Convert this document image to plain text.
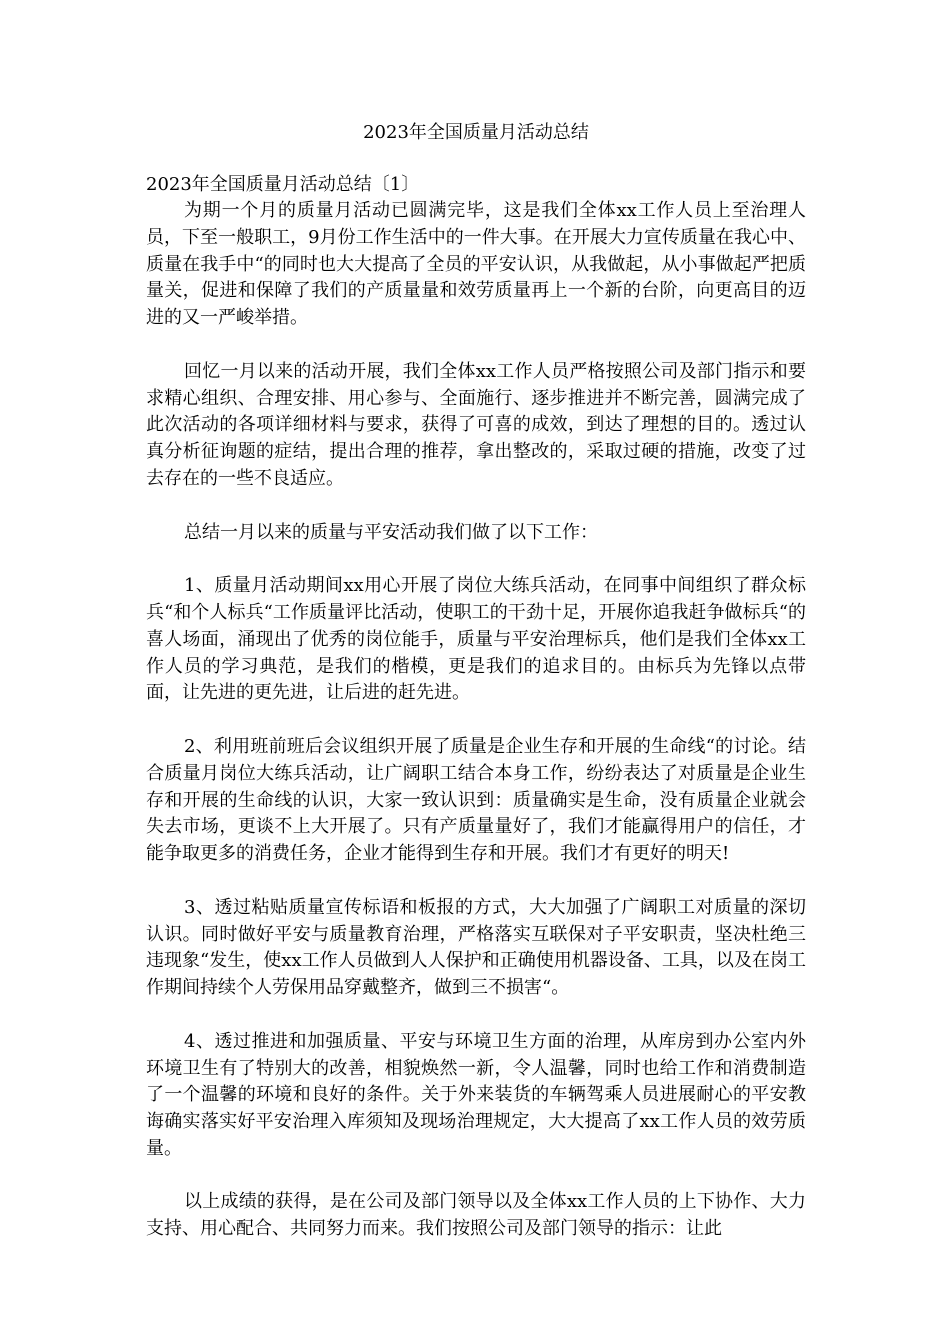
2023年全国质量月活动总结
2023年全国质量月活动总结〔1〕

为期一个月的质量月活动已圆满完毕，这是我们全体xx工作人员上至治理人员，下至一般职工，9月份工作生活中的一件大事。在开展大力宣传质量在我心中、质量在我手中“的同时也大大提高了全员的平安认识，从我做起，从小事做起严把质量关，促进和保障了我们的产质量量和效劳质量再上一个新的台阶，向更高目的迈进的又一严峻举措。

回忆一月以来的活动开展，我们全体xx工作人员严格按照公司及部门指示和要求精心组织、合理安排、用心参与、全面施行、逐步推进并不断完善，圆满完成了此次活动的各项详细材料与要求，获得了可喜的成效，到达了理想的目的。透过认真分析征询题的症结，提出合理的推荐，拿出整改的，采取过硬的措施，改变了过去存在的一些不良适应。

总结一月以来的质量与平安活动我们做了以下工作：

1、质量月活动期间xx用心开展了岗位大练兵活动，在同事中间组织了群众标兵“和个人标兵“工作质量评比活动，使职工的干劲十足，开展你追我赶争做标兵“的喜人场面，涌现出了优秀的岗位能手，质量与平安治理标兵，他们是我们全体xx工作人员的学习典范，是我们的楷模，更是我们的追求目的。由标兵为先锋以点带面，让先进的更先进，让后进的赶先进。

2、利用班前班后会议组织开展了质量是企业生存和开展的生命线“的讨论。结合质量月岗位大练兵活动，让广阔职工结合本身工作，纷纷表达了对质量是企业生存和开展的生命线的认识，大家一致认识到：质量确实是生命，没有质量企业就会失去市场，更谈不上大开展了。只有产质量量好了，我们才能赢得用户的信任，才能争取更多的消费任务，企业才能得到生存和开展。我们才有更好的明天!

3、透过粘贴质量宣传标语和板报的方式，大大加强了广阔职工对质量的深切认识。同时做好平安与质量教育治理，严格落实互联保对子平安职责，坚决杜绝三违现象“发生，使xx工作人员做到人人保护和正确使用机器设备、工具，以及在岗工作期间持续个人劳保用品穿戴整齐，做到三不损害“。

4、透过推进和加强质量、平安与环境卫生方面的治理，从库房到办公室内外环境卫生有了特别大的改善，相貌焕然一新，令人温馨，同时也给工作和消费制造了一个温馨的环境和良好的条件。关于外来装货的车辆驾乘人员进展耐心的平安教诲确实落实好平安治理入库须知及现场治理规定，大大提高了xx工作人员的效劳质量。

以上成绩的获得，是在公司及部门领导以及全体xx工作人员的上下协作、大力支持、用心配合、共同努力而来。我们按照公司及部门领导的指示：让此
